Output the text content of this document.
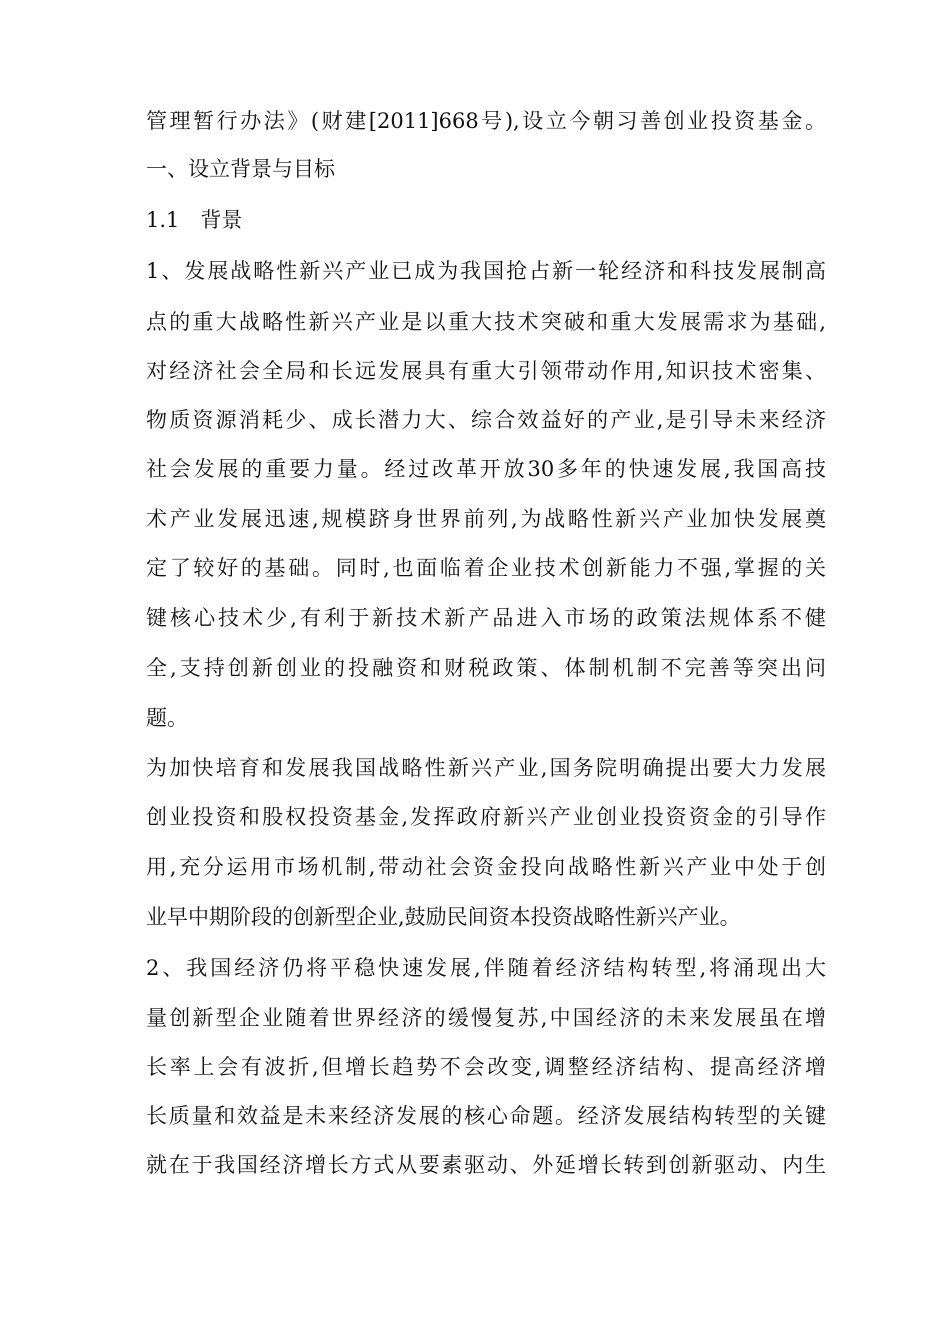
管理暂行办法》(财建[2011]668号),设立今朝习善创业投资基金。
一、设立背景与目标
1.1　背景
1、发展战略性新兴产业已成为我国抢占新一轮经济和科技发展制高
点的重大战略性新兴产业是以重大技术突破和重大发展需求为基础,
对经济社会全局和长远发展具有重大引领带动作用,知识技术密集、
物质资源消耗少、成长潜力大、综合效益好的产业,是引导未来经济
社会发展的重要力量。经过改革开放30多年的快速发展,我国高技
术产业发展迅速,规模跻身世界前列,为战略性新兴产业加快发展奠
定了较好的基础。同时,也面临着企业技术创新能力不强,掌握的关
键核心技术少,有利于新技术新产品进入市场的政策法规体系不健
全,支持创新创业的投融资和财税政策、体制机制不完善等突出问
题。
为加快培育和发展我国战略性新兴产业,国务院明确提出要大力发展
创业投资和股权投资基金,发挥政府新兴产业创业投资资金的引导作
用,充分运用市场机制,带动社会资金投向战略性新兴产业中处于创
业早中期阶段的创新型企业,鼓励民间资本投资战略性新兴产业。
2、我国经济仍将平稳快速发展,伴随着经济结构转型,将涌现出大
量创新型企业随着世界经济的缓慢复苏,中国经济的未来发展虽在增
长率上会有波折,但增长趋势不会改变,调整经济结构、提高经济增
长质量和效益是未来经济发展的核心命题。经济发展结构转型的关键
就在于我国经济增长方式从要素驱动、外延增长转到创新驱动、内生
